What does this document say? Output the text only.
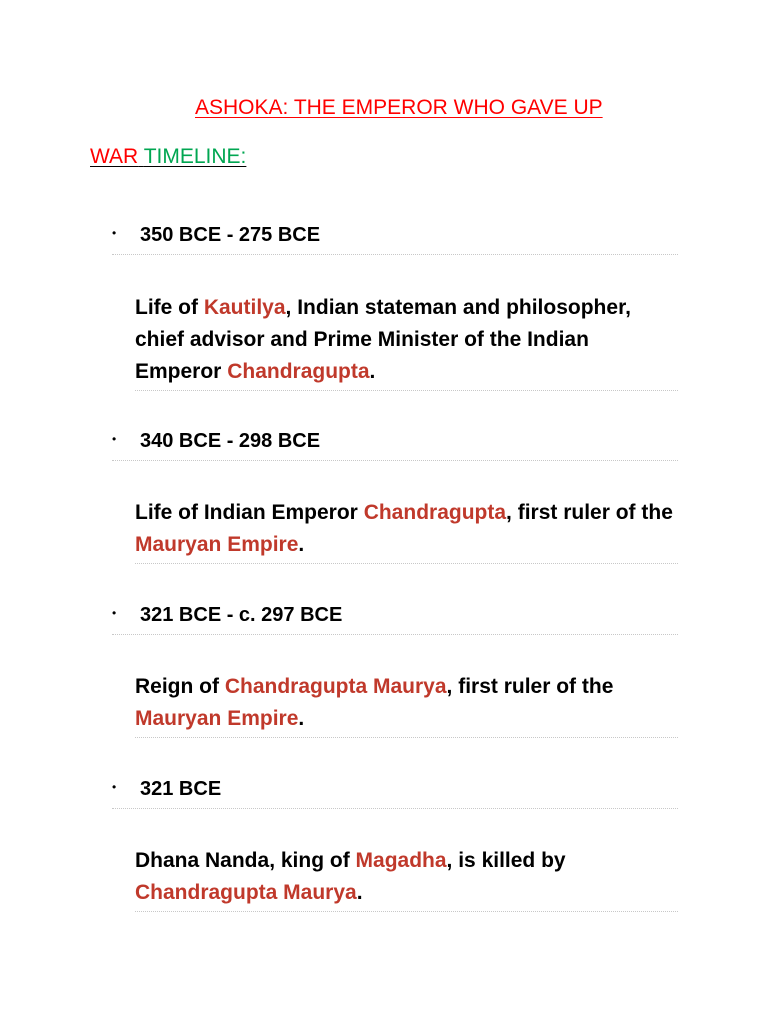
ASHOKA: THE EMPEROR WHO GAVE UP
WAR TIMELINE:
• 350 BCE - 275 BCE
Life of Kautilya, Indian stateman and philosopher, chief advisor and Prime Minister of the Indian Emperor Chandragupta.
• 340 BCE - 298 BCE
Life of Indian Emperor Chandragupta, first ruler of the Mauryan Empire.
• 321 BCE - c. 297 BCE
Reign of Chandragupta Maurya, first ruler of the Mauryan Empire.
• 321 BCE
Dhana Nanda, king of Magadha, is killed by Chandragupta Maurya.
